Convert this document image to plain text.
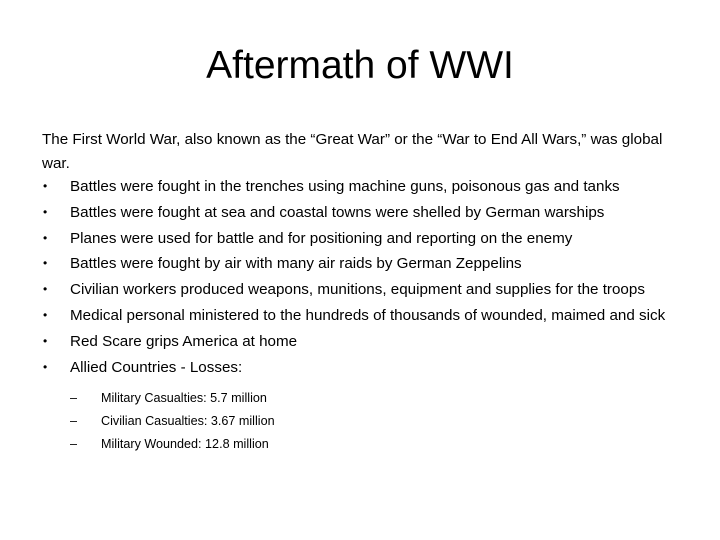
Aftermath of WWI

The First World War, also known as the “Great War” or the “War to End All Wars,” was global war.

• Battles were fought in the trenches using machine guns, poisonous gas and tanks
• Battles were fought at sea and coastal towns were shelled by German warships
• Planes were used for battle and for positioning and reporting on the enemy
• Battles were fought by air with many air raids by German Zeppelins
• Civilian workers produced weapons, munitions, equipment and supplies for the troops
• Medical personal ministered to the hundreds of thousands of wounded, maimed and sick
• Red Scare grips America at home
• Allied Countries - Losses:
– Military Casualties: 5.7 million
– Civilian Casualties: 3.67 million
– Military Wounded: 12.8 million
